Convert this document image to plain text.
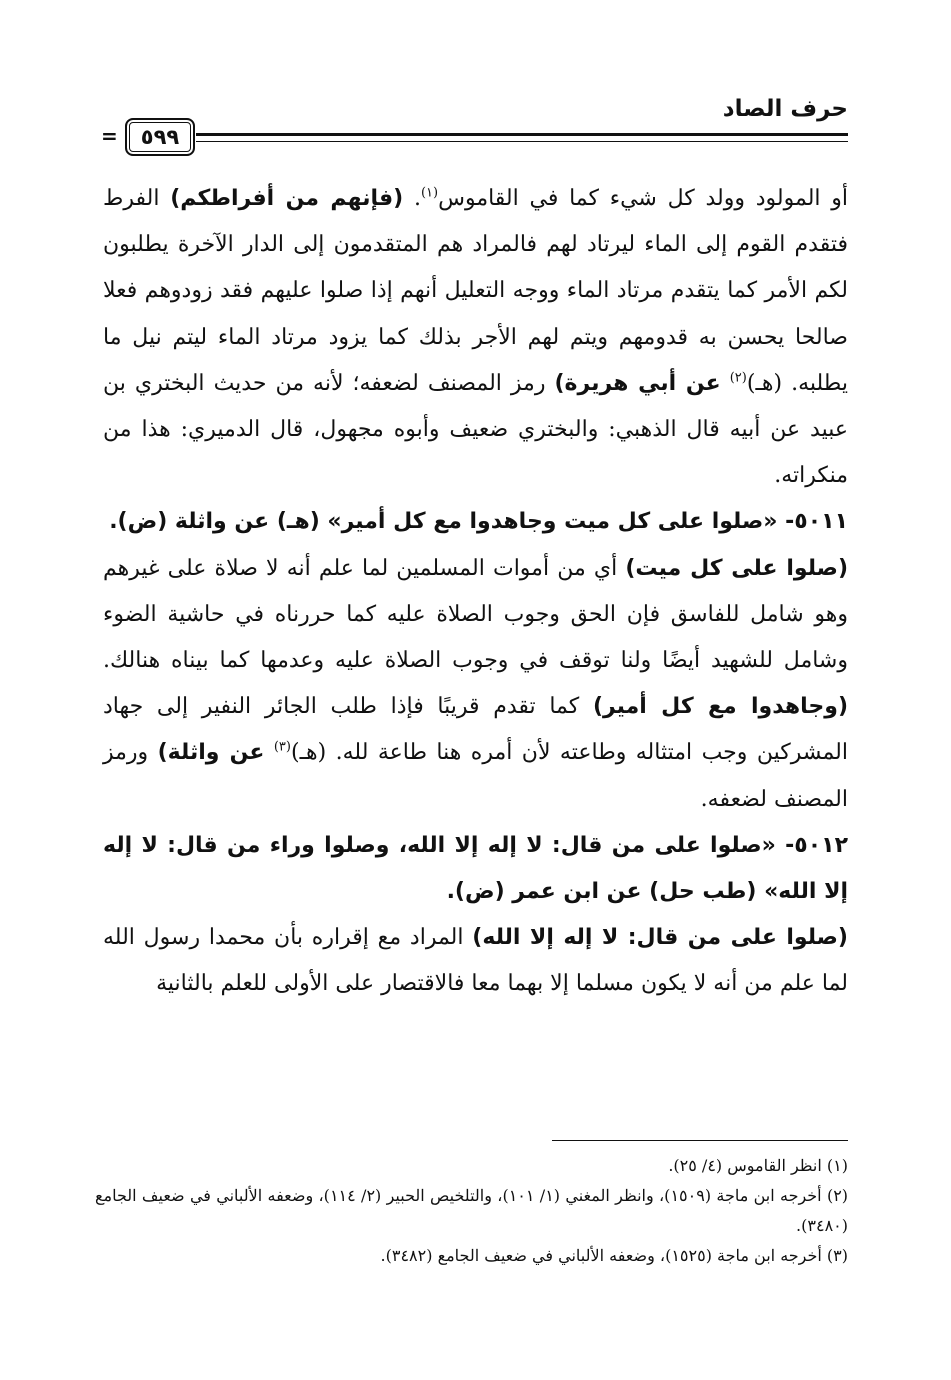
حرف الصاد
٥٩٩
=

أو المولود وولد كل شيء كما في القاموس$^{(١)}$. (فإنهم من أفراطكم) الفرط فتقدم القوم إلى الماء ليرتاد لهم فالمراد هم المتقدمون إلى الدار الآخرة يطلبون لكم الأمر كما يتقدم مرتاد الماء ووجه التعليل أنهم إذا صلوا عليهم فقد زودوهم فعلا صالحا يحسن به قدومهم ويتم لهم الأجر بذلك كما يزود مرتاد الماء ليتم نيل ما يطلبه. (هـ)$^{(٢)}$ عن أبي هريرة) رمز المصنف لضعفه؛ لأنه من حديث البختري بن عبيد عن أبيه قال الذهبي: والبختري ضعيف وأبوه مجهول، قال الدميري: هذا من منكراته.

٥٠١١- «صلوا على كل ميت وجاهدوا مع كل أمير» (هـ) عن واثلة (ض).

(صلوا على كل ميت) أي من أموات المسلمين لما علم أنه لا صلاة على غيرهم وهو شامل للفاسق فإن الحق وجوب الصلاة عليه كما حررناه في حاشية الضوء وشامل للشهيد أيضًا ولنا توقف في وجوب الصلاة عليه وعدمها كما بيناه هنالك. (وجاهدوا مع كل أمير) كما تقدم قريبًا فإذا طلب الجائر النفير إلى جهاد المشركين وجب امتثاله وطاعته لأن أمره هنا طاعة لله. (هـ)$^{(٣)}$ عن واثلة) ورمز المصنف لضعفه.

٥٠١٢- «صلوا على من قال: لا إله إلا الله، وصلوا وراء من قال: لا إله إلا الله» (طب حل) عن ابن عمر (ض).

(صلوا على من قال: لا إله إلا الله) المراد مع إقراره بأن محمدا رسول الله لما علم من أنه لا يكون مسلما إلا بهما معا فالاقتصار على الأولى للعلم بالثانية

(١) انظر القاموس (٤/ ٢٥).

(٢) أخرجه ابن ماجة (١٥٠٩)، وانظر المغني (١/ ١٠١)، والتلخيص الحبير (٢/ ١١٤)، وضعفه الألباني في ضعيف الجامع (٣٤٨٠).

(٣) أخرجه ابن ماجة (١٥٢٥)، وضعفه الألباني في ضعيف الجامع (٣٤٨٢).
